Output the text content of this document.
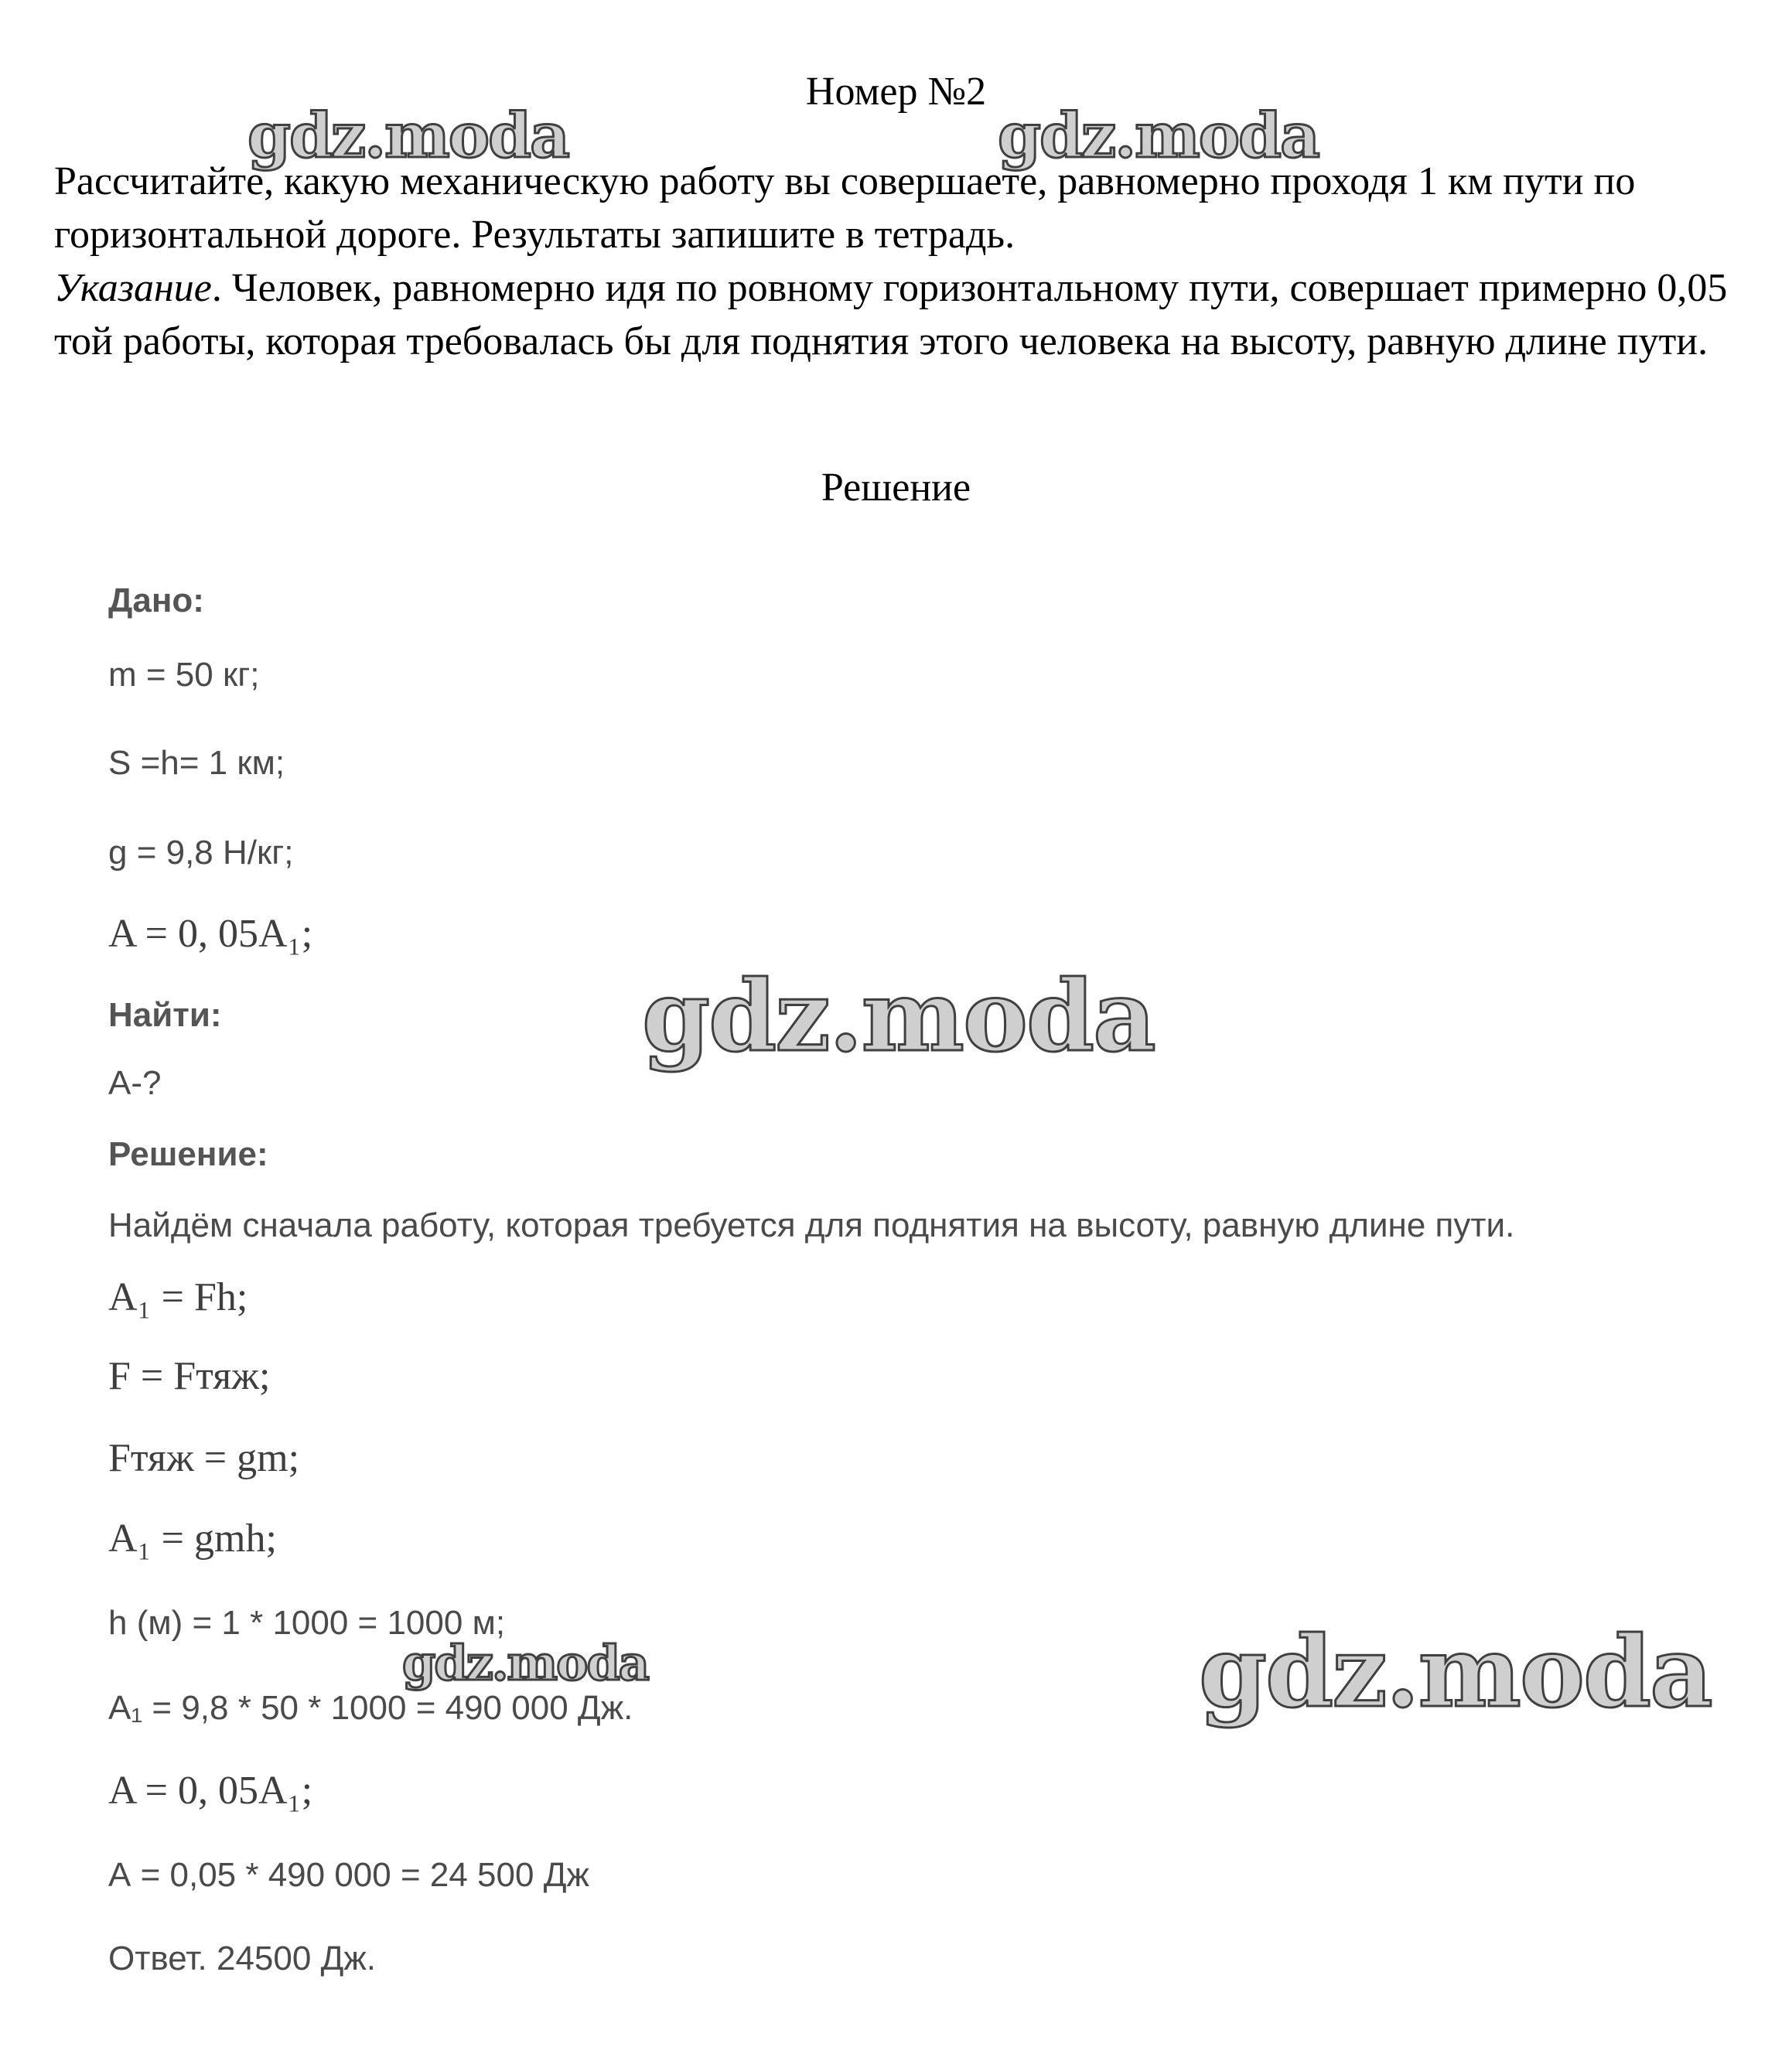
Номер №2

Рассчитайте, какую механическую работу вы совершаете, равномерно проходя 1 км пути по горизонтальной дороге. Результаты запишите в тетрадь.

Указание. Человек, равномерно идя по ровному горизонтальному пути, совершает примерно 0,05 той работы, которая требовалась бы для поднятия этого человека на высоту, равную длине пути.

Решение
Дано:
m = 50 кг;
S =h= 1 км;
g = 9,8 Н/кг;
A = 0, 05A₁;
Найти:
А-?
Решение:
Найдём сначала работу, которая требуется для поднятия на высоту, равную длине пути.
A₁ = Fh;
F = Fтяж;
Fтяж = gm;
A₁ = gmh;
h (м) = 1 * 1000 = 1000 м;
A₁ = 9,8 * 50 * 1000 = 490 000 Дж.
A = 0, 05A₁;
А = 0,05 * 490 000 = 24 500 Дж
Ответ. 24500 Дж.
gdz.moda	gdz.moda
gdz.moda
gdz.moda	gdz.moda
